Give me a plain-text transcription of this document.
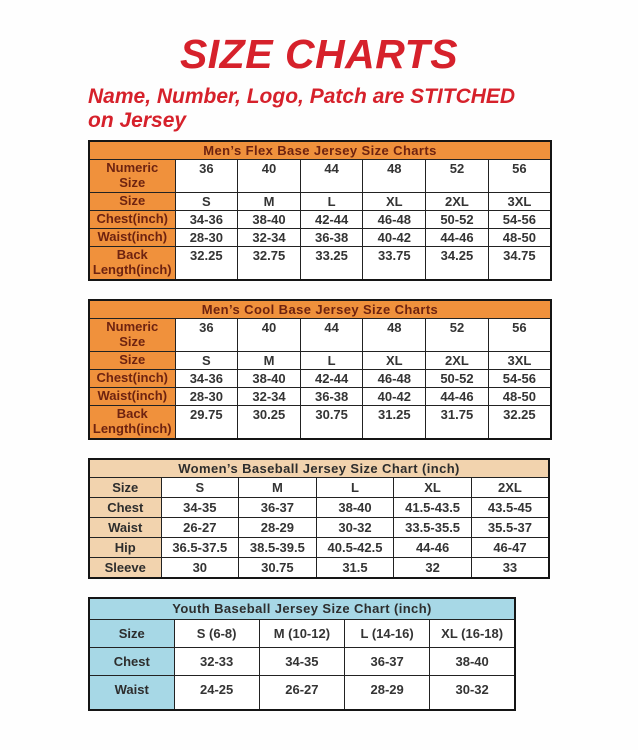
SIZE CHARTS

Name, Number, Logo, Patch are STITCHED
on Jersey

Men’s Flex Base Jersey Size Charts						
Numeric Size	36	40	44	48	52	56
Size	S	M	L	XL	2XL	3XL
Chest(inch)	34-36	38-40	42-44	46-48	50-52	54-56
Waist(inch)	28-30	32-34	36-38	40-42	44-46	48-50
Back Length(inch)	32.25	32.75	33.25	33.75	34.25	34.75
Men’s Cool Base Jersey Size Charts						
Numeric Size	36	40	44	48	52	56
Size	S	M	L	XL	2XL	3XL
Chest(inch)	34-36	38-40	42-44	46-48	50-52	54-56
Waist(inch)	28-30	32-34	36-38	40-42	44-46	48-50
Back Length(inch)	29.75	30.25	30.75	31.25	31.75	32.25
Women’s Baseball Jersey Size Chart (inch)					
Size	S	M	L	XL	2XL
Chest	34-35	36-37	38-40	41.5-43.5	43.5-45
Waist	26-27	28-29	30-32	33.5-35.5	35.5-37
Hip	36.5-37.5	38.5-39.5	40.5-42.5	44-46	46-47
Sleeve	30	30.75	31.5	32	33
Youth Baseball Jersey Size Chart (inch)				
Size	S (6-8)	M (10-12)	L (14-16)	XL (16-18)
Chest	32-33	34-35	36-37	38-40
Waist	24-25	26-27	28-29	30-32
